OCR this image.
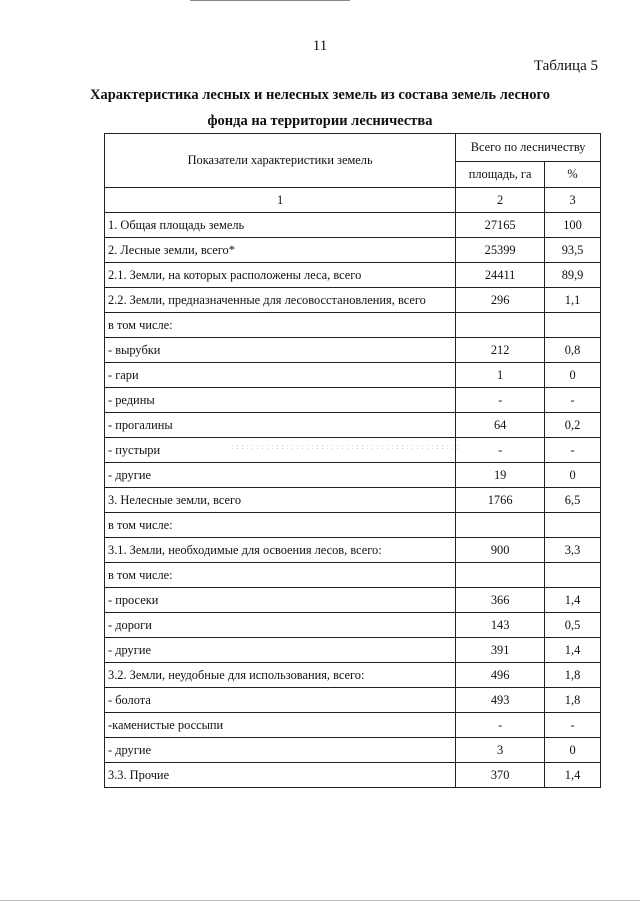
11
Таблица 5
Характеристика лесных и нелесных земель из состава земель лесного
фонда на территории лесничества
Показатели характеристики земель	Всего по лесничеству	
	площадь, га	%
1	2	3
1. Общая площадь земель	27165	100
2. Лесные земли, всего*	25399	93,5
2.1. Земли, на которых расположены леса, всего	24411	89,9
2.2. Земли, предназначенные для лесовосстановления, всего	296	1,1
в том числе:		
- вырубки	212	0,8
- гари	1	0
- редины	-	-
- прогалины	64	0,2
- пустыри	-	-
- другие	19	0
3. Нелесные земли, всего	1766	6,5
в том числе:		
3.1. Земли, необходимые для освоения лесов, всего:	900	3,3
в том числе:		
- просеки	366	1,4
- дороги	143	0,5
- другие	391	1,4
3.2. Земли, неудобные для использования, всего:	496	1,8
- болота	493	1,8
-каменистые россыпи	-	-
- другие	3	0
3.3. Прочие	370	1,4
